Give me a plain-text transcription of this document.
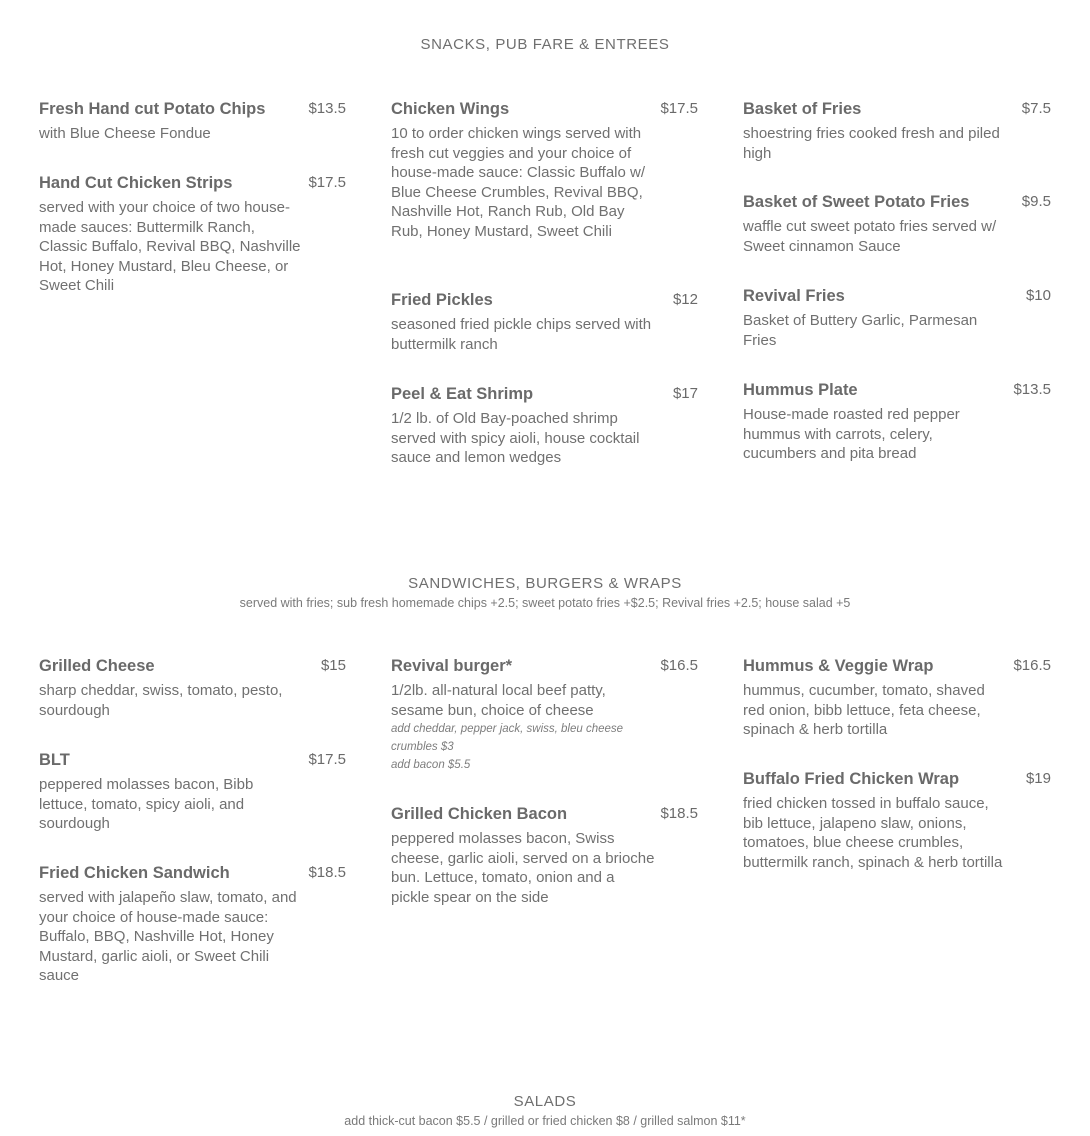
SNACKS, PUB FARE & ENTREES
Fresh Hand cut Potato Chips	$13.5
with Blue Cheese Fondue
Hand Cut Chicken Strips	$17.5
served with your choice of two house-made sauces: Buttermilk Ranch, Classic Buffalo, Revival BBQ, Nashville Hot, Honey Mustard, Bleu Cheese, or Sweet Chili
Chicken Wings	$17.5
10 to order chicken wings served with fresh cut veggies and your choice of house-made sauce: Classic Buffalo w/ Blue Cheese Crumbles, Revival BBQ, Nashville Hot, Ranch Rub, Old Bay Rub, Honey Mustard, Sweet Chili
Fried Pickles	$12
seasoned fried pickle chips served with buttermilk ranch
Peel & Eat Shrimp	$17
1/2 lb. of Old Bay-poached shrimp served with spicy aioli, house cocktail sauce and lemon wedges
Basket of Fries	$7.5
shoestring fries cooked fresh and piled high
Basket of Sweet Potato Fries	$9.5
waffle cut sweet potato fries served w/ Sweet cinnamon Sauce
Revival Fries	$10
Basket of Buttery Garlic, Parmesan Fries
Hummus Plate	$13.5
House-made roasted red pepper hummus with carrots, celery, cucumbers and pita bread
SANDWICHES, BURGERS & WRAPS
served with fries; sub fresh homemade chips +2.5; sweet potato fries +$2.5; Revival fries +2.5; house salad +5
Grilled Cheese	$15
sharp cheddar, swiss, tomato, pesto, sourdough
BLT	$17.5
peppered molasses bacon, Bibb lettuce, tomato, spicy aioli, and sourdough
Fried Chicken Sandwich	$18.5
served with jalapeño slaw, tomato, and your choice of house-made sauce: Buffalo, BBQ, Nashville Hot, Honey Mustard, garlic aioli, or Sweet Chili sauce
Revival burger*	$16.5
1/2lb. all-natural local beef patty, sesame bun, choice of cheese
add cheddar, pepper jack, swiss, bleu cheese crumbles $3
add bacon $5.5
Grilled Chicken Bacon	$18.5
peppered molasses bacon, Swiss cheese, garlic aioli, served on a brioche bun. Lettuce, tomato, onion and a pickle spear on the side
Hummus & Veggie Wrap	$16.5
hummus, cucumber, tomato, shaved red onion, bibb lettuce, feta cheese, spinach & herb tortilla
Buffalo Fried Chicken Wrap	$19
fried chicken tossed in buffalo sauce, bib lettuce, jalapeno slaw, onions, tomatoes, blue cheese crumbles, buttermilk ranch, spinach & herb tortilla
SALADS
add thick-cut bacon $5.5 / grilled or fried chicken $8 / grilled salmon $11*
